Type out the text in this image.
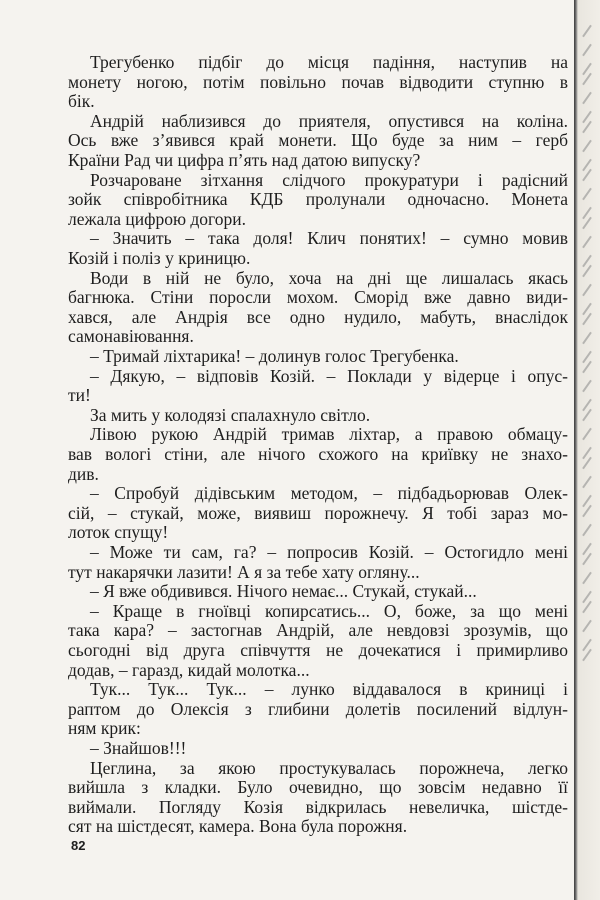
Трегубенко підбіг до місця падіння, наступив на
монету ногою, потім повільно почав відводити ступню в
бік.
Андрій наблизився до приятеля, опустився на коліна.
Ось вже з’явився край монети. Що буде за ним – герб
Країни Рад чи цифра п’ять над датою випуску?
Розчароване зітхання слідчого прокуратури і радісний
зойк співробітника КДБ пролунали одночасно. Монета
лежала цифрою догори.
– Значить – така доля! Клич понятих! – сумно мовив
Козій і поліз у криницю.
Води в ній не було, хоча на дні ще лишалась якась
багнюка. Стіни поросли мохом. Сморід вже давно види-
хався, але Андрія все одно нудило, мабуть, внаслідок
самонавіювання.
– Тримай ліхтарика! – долинув голос Трегубенка.
– Дякую, – відповів Козій. – Поклади у відерце і опус-
ти!
За мить у колодязі спалахнуло світло.
Лівою рукою Андрій тримав ліхтар, а правою обмацу-
вав вологі стіни, але нічого схожого на криївку не знахо-
див.
– Спробуй дідівським методом, – підбадьорював Олек-
сій, – стукай, може, виявиш порожнечу. Я тобі зараз мо-
лоток спущу!
– Може ти сам, га? – попросив Козій. – Остогидло мені
тут накарячки лазити! А я за тебе хату огляну...
– Я вже обдивився. Нічого немає... Стукай, стукай...
– Краще в гноївці копирсатись... О, боже, за що мені
така кара? – застогнав Андрій, але невдовзі зрозумів, що
сьогодні від друга співчуття не дочекатися і примирливо
додав, – гаразд, кидай молотка...
Тук... Тук... Тук... – лунко віддавалося в криниці і
раптом до Олексія з глибини долетів посилений відлун-
ням крик:
– Знайшов!!!
Цеглина, за якою простукувалась порожнеча, легко
вийшла з кладки. Було очевидно, що зовсім недавно її
виймали. Погляду Козія відкрилась невеличка, шістде-
сят на шістдесят, камера. Вона була порожня.
82
